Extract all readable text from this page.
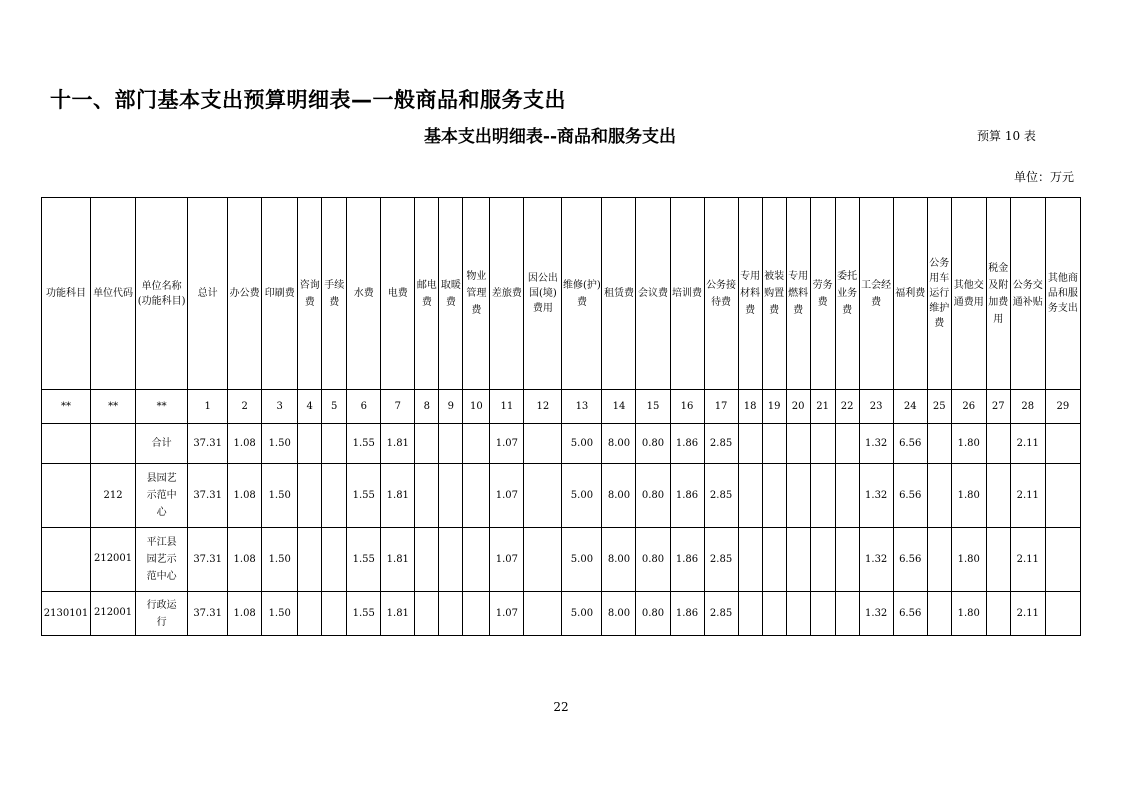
十一、部门基本支出预算明细表—一般商品和服务支出
基本支出明细表--商品和服务支出	预算 10 表
单位：万元
功能科目	单位代码	单位名称(功能科目)	总计	办公费	印刷费	咨询费	手续费	水费	电费	邮电费	取暖费	物业管理费	差旅费	因公出国(境)费用	维修(护)费	租赁费	会议费	培训费	公务接待费	专用材料费	被装购置费	专用燃料费	劳务费	委托业务费	工会经费	福利费	公务用车运行维护费	其他交通费用	税金及附加费用	公务交通补贴	其他商品和服务支出
**	**	**	1	2	3	4	5	6	7	8	9	10	11	12	13	14	15	16	17	18	19	20	21	22	23	24	25	26	27	28	29
		合计	37.31	1.08	1.50			1.55	1.81				1.07		5.00	8.00	0.80	1.86	2.85						1.32	6.56		1.80		2.11	
	212	县园艺示范中心	37.31	1.08	1.50			1.55	1.81				1.07		5.00	8.00	0.80	1.86	2.85						1.32	6.56		1.80		2.11	

	212001	平江县园艺示范中心	37.31	1.08	1.50			1.55	1.81				1.07		5.00	8.00	0.80	1.86	2.85						1.32	6.56		1.80		2.11	
2130101	212001	行政运行	37.31	1.08	1.50			1.55	1.81				1.07		5.00	8.00	0.80	1.86	2.85						1.32	6.56		1.80		2.11	
22
